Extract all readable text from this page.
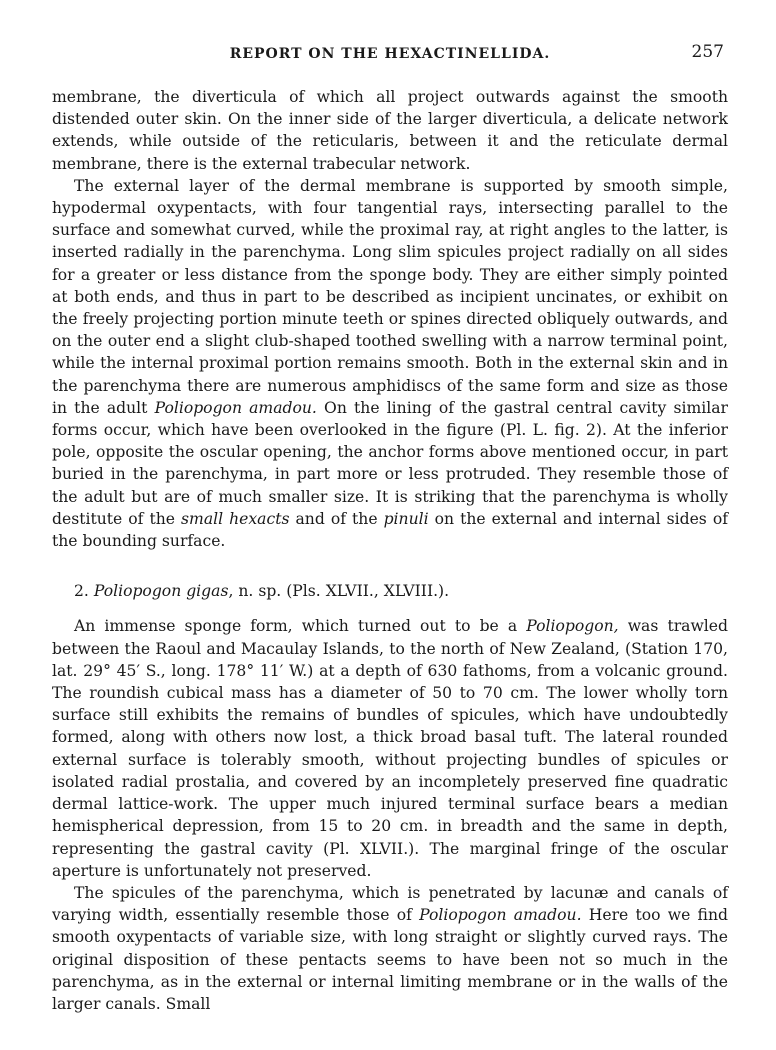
REPORT ON THE HEXACTINELLIDA.	257

membrane, the diverticula of which all project outwards against the smooth distended outer skin. On the inner side of the larger diverticula, a delicate network extends, while outside of the reticularis, between it and the reticulate dermal membrane, there is the external trabecular network.

The external layer of the dermal membrane is supported by smooth simple, hypodermal oxypentacts, with four tangential rays, intersecting parallel to the surface and somewhat curved, while the proximal ray, at right angles to the latter, is inserted radially in the parenchyma. Long slim spicules project radially on all sides for a greater or less distance from the sponge body. They are either simply pointed at both ends, and thus in part to be described as incipient uncinates, or exhibit on the freely projecting portion minute teeth or spines directed obliquely outwards, and on the outer end a slight club-shaped toothed swelling with a narrow terminal point, while the internal proximal portion remains smooth. Both in the external skin and in the parenchyma there are numerous amphidiscs of the same form and size as those in the adult Poliopogon amadou. On the lining of the gastral central cavity similar forms occur, which have been overlooked in the figure (Pl. L. fig. 2). At the inferior pole, opposite the oscular opening, the anchor forms above mentioned occur, in part buried in the parenchyma, in part more or less protruded. They resemble those of the adult but are of much smaller size. It is striking that the parenchyma is wholly destitute of the small hexacts and of the pinuli on the external and internal sides of the bounding surface.

2. Poliopogon gigas, n. sp. (Pls. XLVII., XLVIII.).

An immense sponge form, which turned out to be a Poliopogon, was trawled between the Raoul and Macaulay Islands, to the north of New Zealand, (Station 170, lat. 29° 45′ S., long. 178° 11′ W.) at a depth of 630 fathoms, from a volcanic ground. The roundish cubical mass has a diameter of 50 to 70 cm. The lower wholly torn surface still exhibits the remains of bundles of spicules, which have undoubtedly formed, along with others now lost, a thick broad basal tuft. The lateral rounded external surface is tolerably smooth, without projecting bundles of spicules or isolated radial prostalia, and covered by an incompletely preserved fine quadratic dermal lattice-work. The upper much injured terminal surface bears a median hemispherical depression, from 15 to 20 cm. in breadth and the same in depth, representing the gastral cavity (Pl. XLVII.). The marginal fringe of the oscular aperture is unfortunately not preserved.

The spicules of the parenchyma, which is penetrated by lacunæ and canals of varying width, essentially resemble those of Poliopogon amadou. Here too we find smooth oxypentacts of variable size, with long straight or slightly curved rays. The original disposition of these pentacts seems to have been not so much in the parenchyma, as in the external or internal limiting membrane or in the walls of the larger canals. Small
